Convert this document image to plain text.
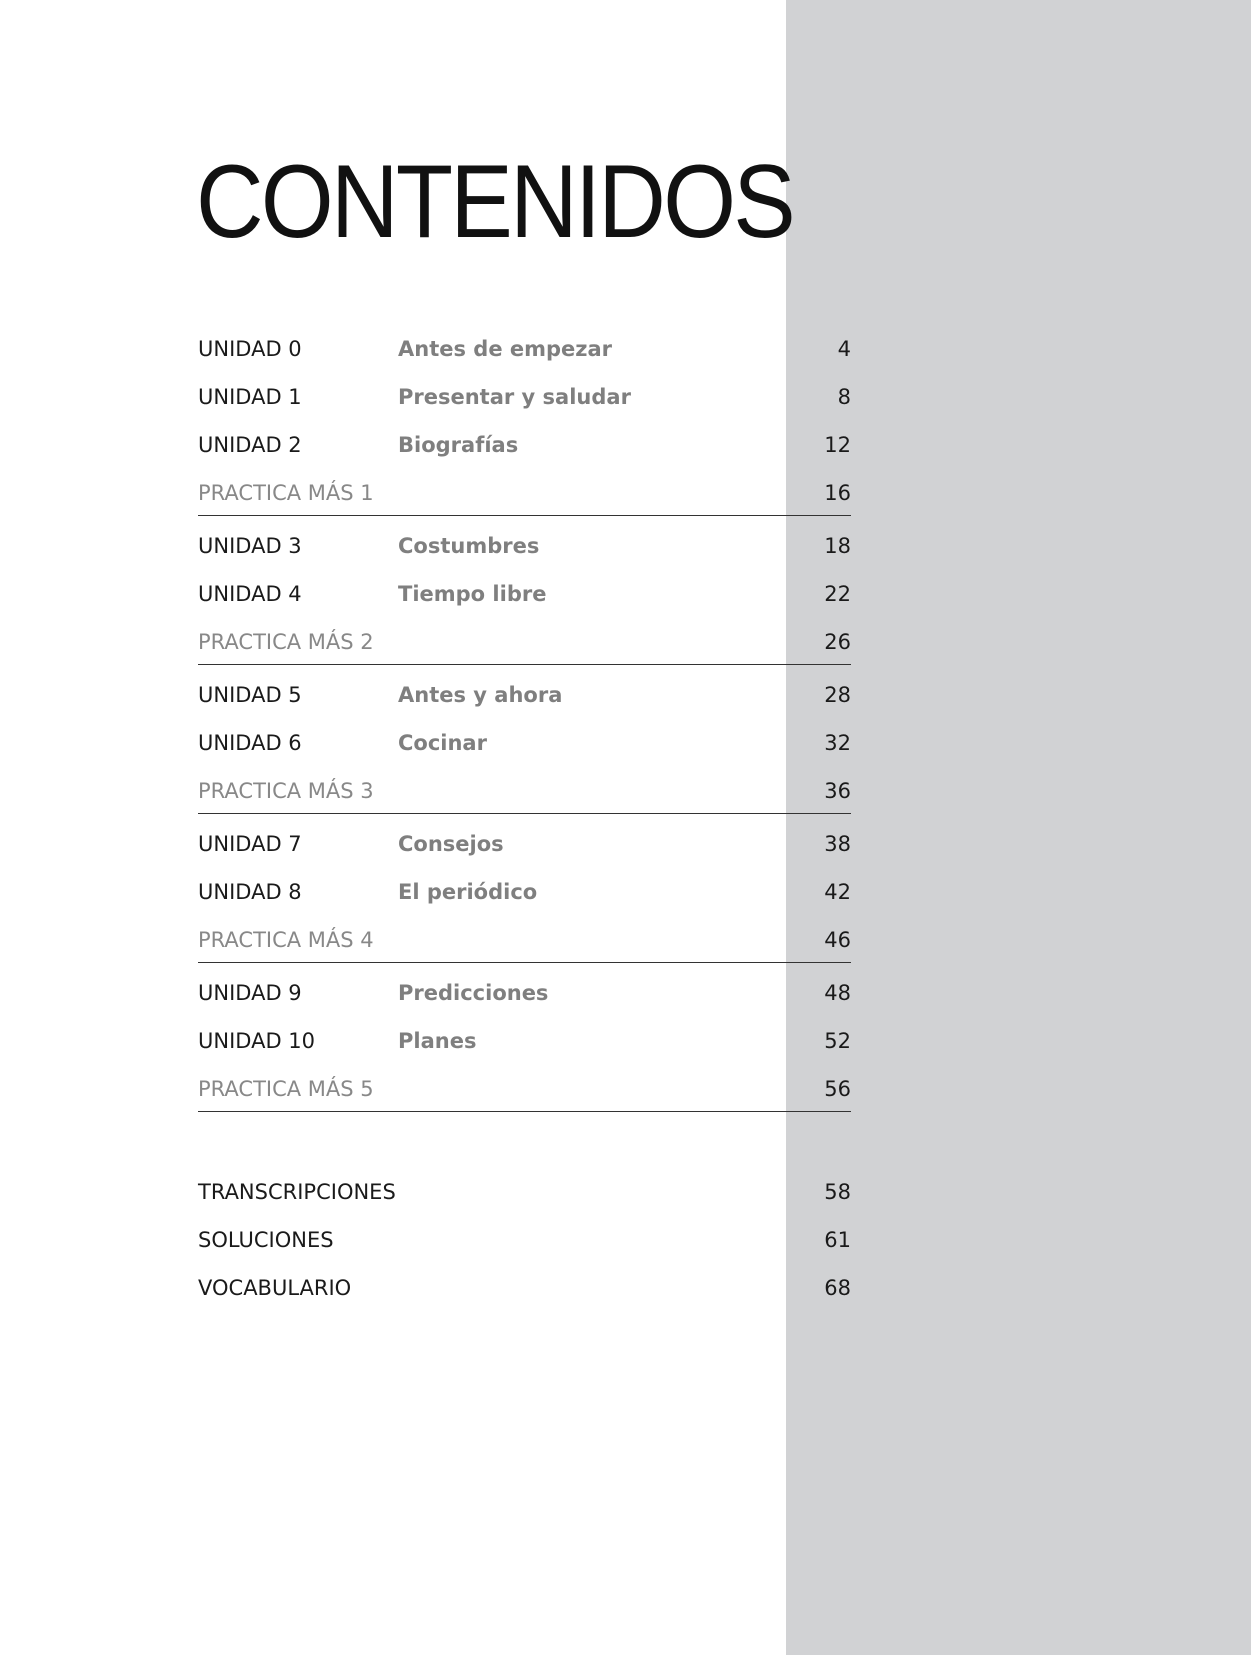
CONTENIDOS
UNIDAD 0	Antes de empezar	4
UNIDAD 1	Presentar y saludar	8
UNIDAD 2	Biografías	12
PRACTICA MÁS 1	16
UNIDAD 3	Costumbres	18
UNIDAD 4	Tiempo libre	22
PRACTICA MÁS 2	26
UNIDAD 5	Antes y ahora	28
UNIDAD 6	Cocinar	32
PRACTICA MÁS 3	36
UNIDAD 7	Consejos	38
UNIDAD 8	El periódico	42
PRACTICA MÁS 4	46
UNIDAD 9	Predicciones	48
UNIDAD 10	Planes	52
PRACTICA MÁS 5	56
TRANSCRIPCIONES	58
SOLUCIONES	61
VOCABULARIO	68
